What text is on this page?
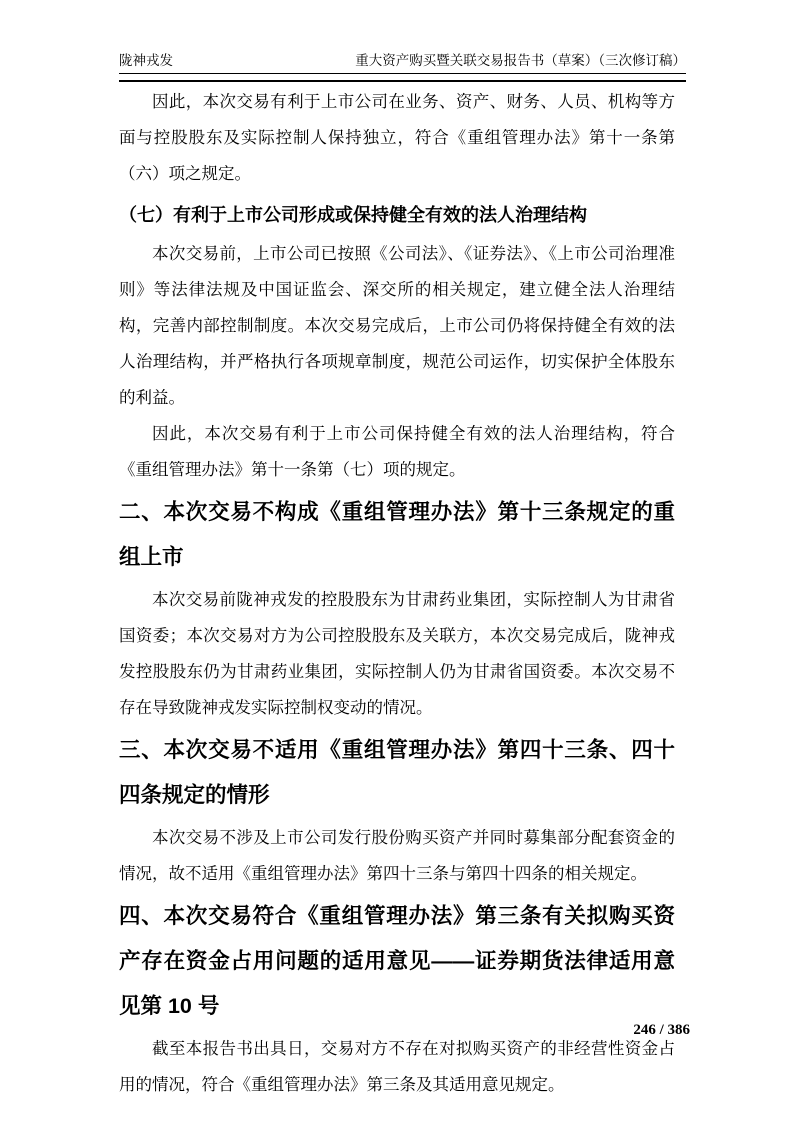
陇神戎发	重大资产购买暨关联交易报告书（草案）（三次修订稿）

因此，本次交易有利于上市公司在业务、资产、财务、人员、机构等方面与控股股东及实际控制人保持独立，符合《重组管理办法》第十一条第（六）项之规定。

（七）有利于上市公司形成或保持健全有效的法人治理结构

本次交易前，上市公司已按照《公司法》、《证券法》、《上市公司治理准则》等法律法规及中国证监会、深交所的相关规定，建立健全法人治理结构，完善内部控制制度。本次交易完成后，上市公司仍将保持健全有效的法人治理结构，并严格执行各项规章制度，规范公司运作，切实保护全体股东的利益。

因此，本次交易有利于上市公司保持健全有效的法人治理结构，符合《重组管理办法》第十一条第（七）项的规定。

二、本次交易不构成《重组管理办法》第十三条规定的重组上市

本次交易前陇神戎发的控股股东为甘肃药业集团，实际控制人为甘肃省国资委；本次交易对方为公司控股股东及关联方，本次交易完成后，陇神戎发控股股东仍为甘肃药业集团，实际控制人仍为甘肃省国资委。本次交易不存在导致陇神戎发实际控制权变动的情况。

三、本次交易不适用《重组管理办法》第四十三条、四十四条规定的情形

本次交易不涉及上市公司发行股份购买资产并同时募集部分配套资金的情况，故不适用《重组管理办法》第四十三条与第四十四条的相关规定。

四、本次交易符合《重组管理办法》第三条有关拟购买资产存在资金占用问题的适用意见——证券期货法律适用意见第 10 号

截至本报告书出具日，交易对方不存在对拟购买资产的非经营性资金占用的情况，符合《重组管理办法》第三条及其适用意见规定。

246 / 386
